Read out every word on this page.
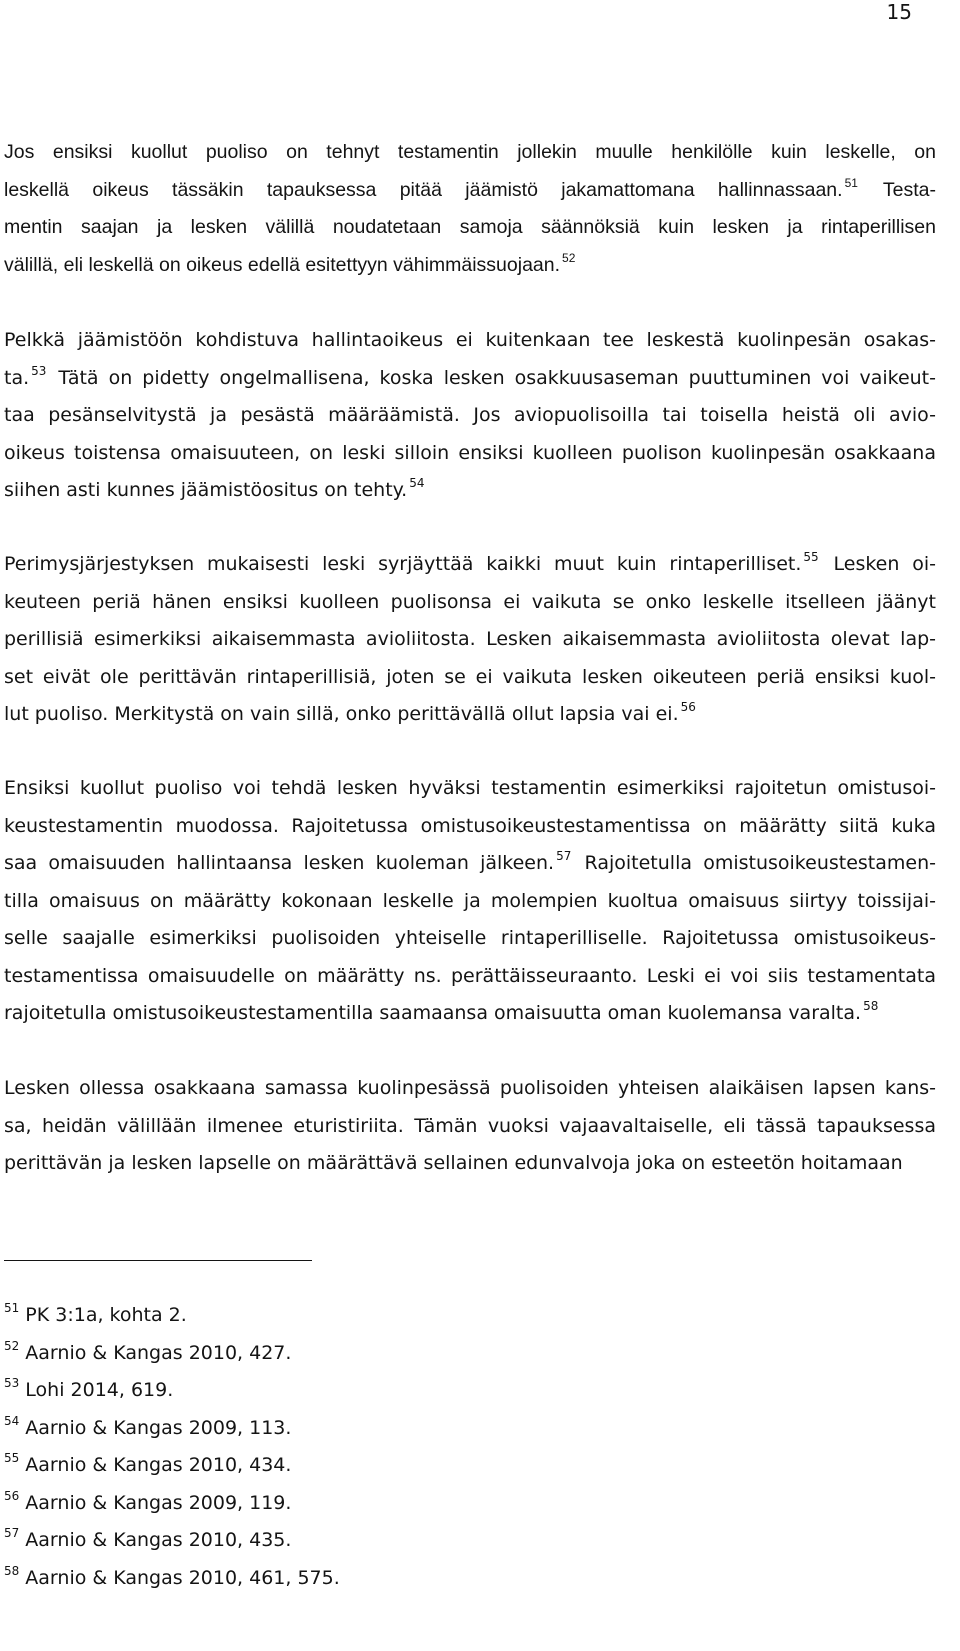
15
Jos ensiksi kuollut puoliso on tehnyt testamentin jollekin muulle henkilölle kuin leskelle, on
leskellä oikeus tässäkin tapauksessa pitää jäämistö jakamattomana hallinnassaan. $^{51}$ Testa-
mentin saajan ja lesken välillä noudatetaan samoja säännöksiä kuin lesken ja rintaperillisen
välillä, eli leskellä on oikeus edellä esitettyyn vähimmäissuojaan. $^{52}$
Pelkkä jäämistöön kohdistuva hallintaoikeus ei kuitenkaan tee leskestä kuolinpesän osakas-
ta. $^{53}$ Tätä on pidetty ongelmallisena, koska lesken osakkuusaseman puuttuminen voi vaikeut-
taa pesänselvitystä ja pesästä määräämistä. Jos aviopuolisoilla tai toisella heistä oli avio-
oikeus toistensa omaisuuteen, on leski silloin ensiksi kuolleen puolison kuolinpesän osakkaana
siihen asti kunnes jäämistöositus on tehty. $^{54}$
Perimysjärjestyksen mukaisesti leski syrjäyttää kaikki muut kuin rintaperilliset. $^{55}$ Lesken oi-
keuteen periä hänen ensiksi kuolleen puolisonsa ei vaikuta se onko leskelle itselleen jäänyt
perillisiä esimerkiksi aikaisemmasta avioliitosta. Lesken aikaisemmasta avioliitosta olevat lap-
set eivät ole perittävän rintaperillisiä, joten se ei vaikuta lesken oikeuteen periä ensiksi kuol-
lut puoliso. Merkitystä on vain sillä, onko perittävällä ollut lapsia vai ei. $^{56}$
Ensiksi kuollut puoliso voi tehdä lesken hyväksi testamentin esimerkiksi rajoitetun omistusoi-
keustestamentin muodossa. Rajoitetussa omistusoikeustestamentissa on määrätty siitä kuka
saa omaisuuden hallintaansa lesken kuoleman jälkeen. $^{57}$ Rajoitetulla omistusoikeustestamen-
tilla omaisuus on määrätty kokonaan leskelle ja molempien kuoltua omaisuus siirtyy toissijai-
selle saajalle esimerkiksi puolisoiden yhteiselle rintaperilliselle. Rajoitetussa omistusoikeus-
testamentissa omaisuudelle on määrätty ns. perättäisseuraanto. Leski ei voi siis testamentata
rajoitetulla omistusoikeustestamentilla saamaansa omaisuutta oman kuolemansa varalta. $^{58}$
Lesken ollessa osakkaana samassa kuolinpesässä puolisoiden yhteisen alaikäisen lapsen kans-
sa, heidän välillään ilmenee eturistiriita. Tämän vuoksi vajaavaltaiselle, eli tässä tapauksessa
perittävän ja lesken lapselle on määrättävä sellainen edunvalvoja joka on esteetön hoitamaan
$^{51}$ PK 3:1a, kohta 2.
$^{52}$ Aarnio & Kangas 2010, 427.
$^{53}$ Lohi 2014, 619.
$^{54}$ Aarnio & Kangas 2009, 113.
$^{55}$ Aarnio & Kangas 2010, 434.
$^{56}$ Aarnio & Kangas 2009, 119.
$^{57}$ Aarnio & Kangas 2010, 435.
$^{58}$ Aarnio & Kangas 2010, 461, 575.
